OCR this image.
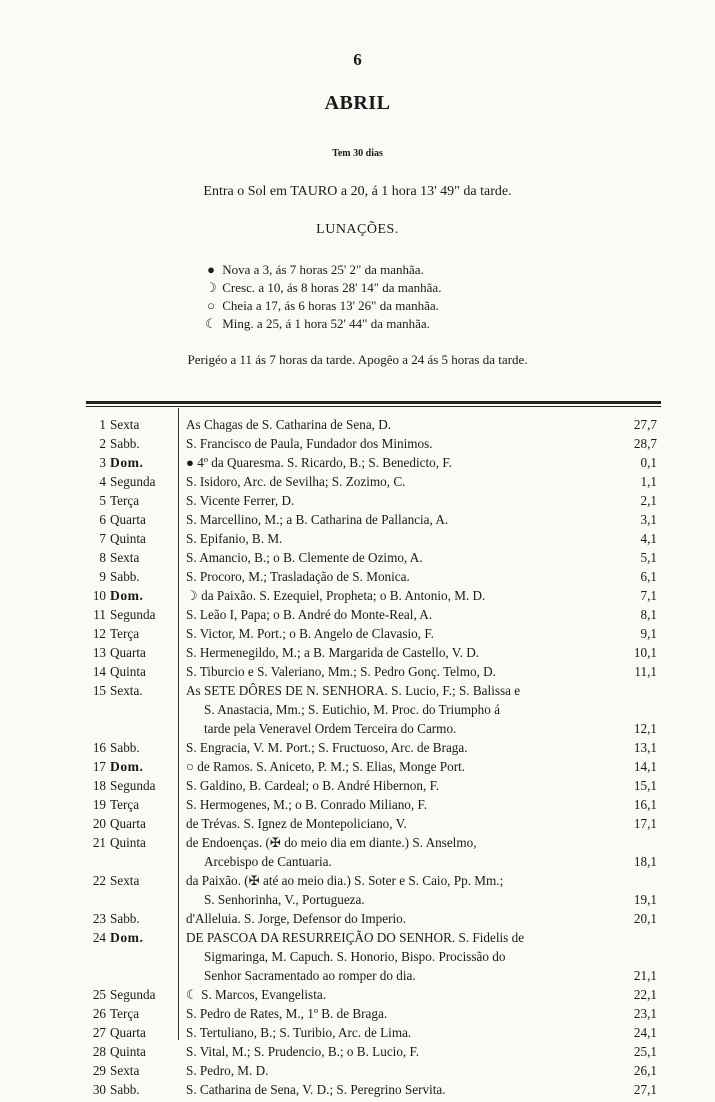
6
ABRIL
Tem 30 dias
Entra o Sol em TAURO a 20, á 1 hora 13' 49" da tarde.
LUNAÇÕES.
● Nova a 3, ás 7 horas 25' 2" da manhãa.
☽ Cresc. a 10, ás 8 horas 28' 14" da manhãa.
○ Cheia a 17, ás 6 horas 13' 26" da manhãa.
☾ Ming. a 25, á 1 hora 52' 44" da manhãa.
Perigéo a 11 ás 7 horas da tarde. Apogêo a 24 ás 5 horas da tarde.
1 Sexta	As Chagas de S. Catharina de Sena, D.	27,7
2 Sabb.	S. Francisco de Paula, Fundador dos Minimos.	28,7
3 Dom.	● 4º da Quaresma. S. Ricardo, B.; S. Benedicto, F.	0,1
4 Segunda S. Isidoro, Arc. de Sevilha; S. Zozimo, C.	1,1
5 Terça	S. Vicente Ferrer, D.	2,1
6 Quarta	S. Marcellino, M.; a B. Catharina de Pallancia, A.	3,1
7 Quinta	S. Epifanio, B. M.	4,1
8 Sexta	S. Amancio, B.; o B. Clemente de Ozimo, A.	5,1
9 Sabb.	S. Procoro, M.; Trasladação de S. Monica.	6,1
10 Dom.	☽ da Paixão. S. Ezequiel, Propheta; o B. Antonio, M. D.	7,1
11 Segunda S. Leão I, Papa; o B. André do Monte-Real, A.	8,1
12 Terça	S. Victor, M. Port.; o B. Angelo de Clavasio, F.	9,1
13 Quarta	S. Hermenegildo, M.; a B. Margarida de Castello, V. D.	10,1
14 Quinta	S. Tiburcio e S. Valeriano, Mm.; S. Pedro Gonç. Telmo, D.	11,1
15 Sexta.	As SETE DÔRES DE N. SENHORA. S. Lucio, F.; S. Balissa e
S. Anastacia, Mm.; S. Eutichio, M. Proc. do Triumpho á
tarde pela Veneravel Ordem Terceira do Carmo.	12,1
16 Sabb.	S. Engracia, V. M. Port.; S. Fructuoso, Arc. de Braga.	13,1
17 Dom.	○ de Ramos. S. Aniceto, P. M.; S. Elias, Monge Port.	14,1
18 Segunda S. Galdino, B. Cardeal; o B. André Hibernon, F.	15,1
19 Terça	S. Hermogenes, M.; o B. Conrado Miliano, F.	16,1
20 Quarta	de Trévas. S. Ignez de Montepoliciano, V.	17,1
21 Quinta	de Endoenças. (✠ do meio dia em diante.) S. Anselmo,
Arcebispo de Cantuaria.	18,1
22 Sexta	da Paixão. (✠ até ao meio dia.) S. Soter e S. Caio, Pp. Mm.;
S. Senhorinha, V., Portugueza.	19,1
23 Sabb.	d'Alleluia. S. Jorge, Defensor do Imperio.	20,1
24 Dom.	DE PASCOA DA RESURREIÇÃO DO SENHOR. S. Fidelis de
Sigmaringa, M. Capuch. S. Honorio, Bispo. Procissão do
Senhor Sacramentado ao romper do dia.	21,1
25 Segunda ☾ S. Marcos, Evangelista.	22,1
26 Terça	S. Pedro de Rates, M., 1º B. de Braga.	23,1
27 Quarta	S. Tertuliano, B.; S. Turibio, Arc. de Lima.	24,1
28 Quinta	S. Vital, M.; S. Prudencio, B.; o B. Lucio, F.	25,1
29 Sexta	S. Pedro, M. D.	26,1
30 Sabb.	S. Catharina de Sena, V. D.; S. Peregrino Servita.	27,1
